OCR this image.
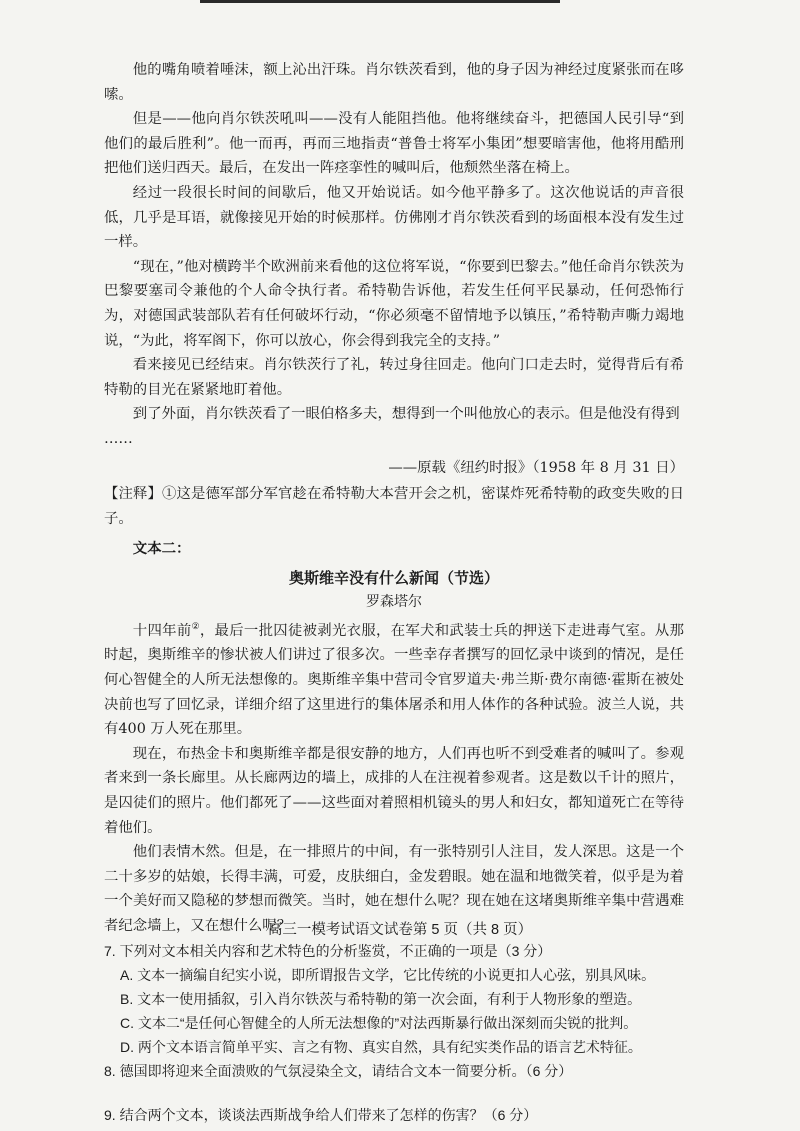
他的嘴角喷着唾沫，额上沁出汗珠。肖尔铁茨看到，他的身子因为神经过度紧张而在哆嗦。

但是——他向肖尔铁茨吼叫——没有人能阻挡他。他将继续奋斗，把德国人民引导“到他们的最后胜利”。他一而再，再而三地指责“普鲁士将军小集团”想要暗害他，他将用酷刑把他们送归西天。最后，在发出一阵痉挛性的喊叫后，他颓然坐落在椅上。

经过一段很长时间的间歇后，他又开始说话。如今他平静多了。这次他说话的声音很低，几乎是耳语，就像接见开始的时候那样。仿佛刚才肖尔铁茨看到的场面根本没有发生过一样。

“现在，”他对横跨半个欧洲前来看他的这位将军说，“你要到巴黎去。”他任命肖尔铁茨为巴黎要塞司令兼他的个人命令执行者。希特勒告诉他，若发生任何平民暴动，任何恐怖行为，对德国武装部队若有任何破坏行动，“你必须毫不留情地予以镇压，”希特勒声嘶力竭地说，“为此，将军阁下，你可以放心，你会得到我完全的支持。”

看来接见已经结束。肖尔铁茨行了礼，转过身往回走。他向门口走去时，觉得背后有希特勒的目光在紧紧地盯着他。

到了外面，肖尔铁茨看了一眼伯格多夫，想得到一个叫他放心的表示。但是他没有得到

……

——原载《纽约时报》（1958 年 8 月 31 日）

【注释】①这是德军部分军官趁在希特勒大本营开会之机，密谋炸死希特勒的政变失败的日子。

文本二：

奥斯维辛没有什么新闻（节选）

罗森塔尔

十四年前②，最后一批囚徒被剥光衣服，在军犬和武装士兵的押送下走进毒气室。从那时起，奥斯维辛的惨状被人们讲过了很多次。一些幸存者撰写的回忆录中谈到的情况，是任何心智健全的人所无法想像的。奥斯维辛集中营司令官罗道夫·弗兰斯·费尔南德·霍斯在被处决前也写了回忆录，详细介绍了这里进行的集体屠杀和用人体作的各种试验。波兰人说，共有400 万人死在那里。

现在，布热金卡和奥斯维辛都是很安静的地方，人们再也听不到受难者的喊叫了。参观者来到一条长廊里。从长廊两边的墙上，成排的人在注视着参观者。这是数以千计的照片，是囚徒们的照片。他们都死了——这些面对着照相机镜头的男人和妇女，都知道死亡在等待着他们。

他们表情木然。但是，在一排照片的中间，有一张特别引人注目，发人深思。这是一个二十多岁的姑娘，长得丰满，可爱，皮肤细白，金发碧眼。她在温和地微笑着，似乎是为着一个美好而又隐秘的梦想而微笑。当时，她在想什么呢？现在她在这堵奥斯维辛集中营遇难者纪念墙上，又在想什么呢？

7. 下列对文本相关内容和艺术特色的分析鉴赏，不正确的一项是（3 分）

A. 文本一摘编自纪实小说，即所谓报告文学，它比传统的小说更扣人心弦，别具风味。

B. 文本一使用插叙，引入肖尔铁茨与希特勒的第一次会面，有利于人物形象的塑造。

C. 文本二“是任何心智健全的人所无法想像的”对法西斯暴行做出深刻而尖锐的批判。

D. 两个文本语言简单平实、言之有物、真实自然，具有纪实类作品的语言艺术特征。

8. 德国即将迎来全面溃败的气氛浸染全文，请结合文本一简要分析。（6 分）

9. 结合两个文本，谈谈法西斯战争给人们带来了怎样的伤害？（6 分）

高三一模考试语文试卷第 5 页（共 8 页）
